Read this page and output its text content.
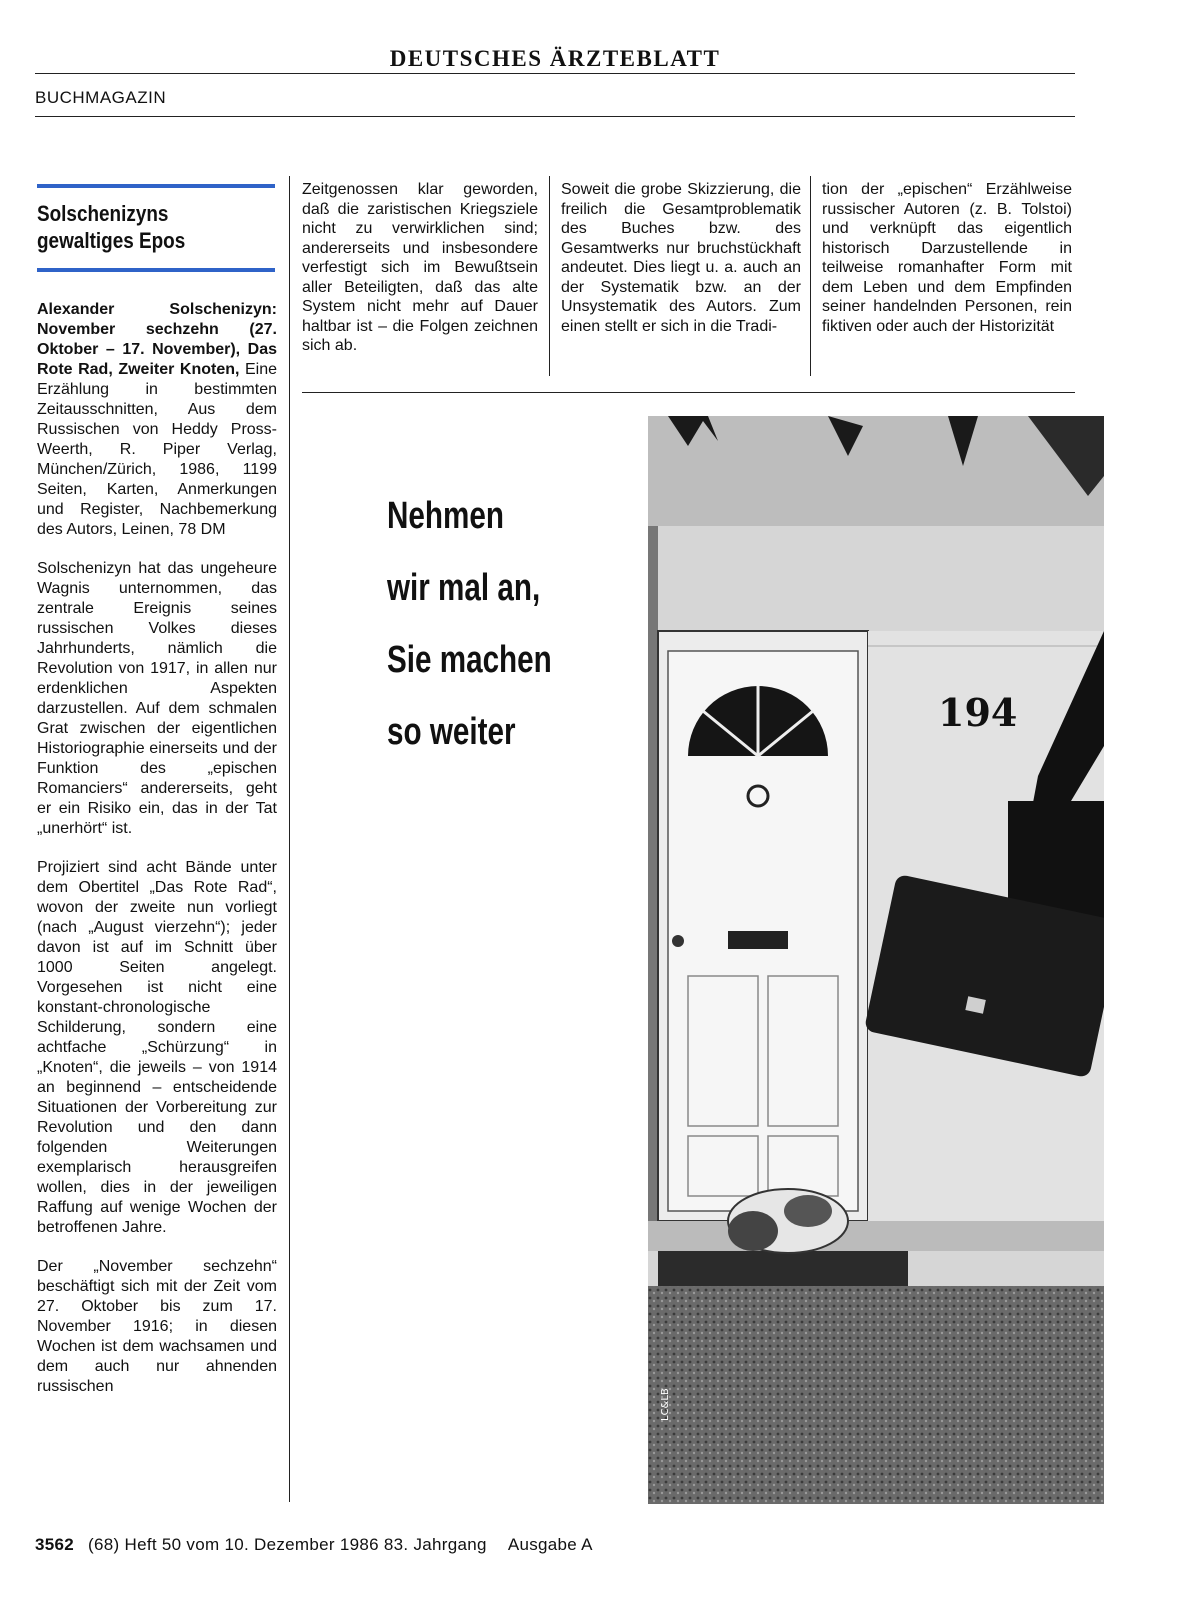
DEUTSCHES ÄRZTEBLATT
BUCHMAGAZIN
Solschenizyns
gewaltiges Epos

Alexander Solschenizyn: November sechzehn (27. Oktober – 17. November), Das Rote Rad, Zweiter Knoten, Eine Erzählung in bestimmten Zeitausschnitten, Aus dem Russischen von Heddy Pross-Weerth, R. Piper Verlag, München/Zürich, 1986, 1199 Seiten, Karten, Anmerkungen und Register, Nachbemerkung des Autors, Leinen, 78 DM

Solschenizyn hat das ungeheure Wagnis unternommen, das zentrale Ereignis seines russischen Volkes dieses Jahrhunderts, nämlich die Revolution von 1917, in allen nur erdenklichen Aspekten darzustellen. Auf dem schmalen Grat zwischen der eigentlichen Historiographie einerseits und der Funktion des „epischen Romanciers“ andererseits, geht er ein Risiko ein, das in der Tat „unerhört“ ist.

Projiziert sind acht Bände unter dem Obertitel „Das Rote Rad“, wovon der zweite nun vorliegt (nach „August vierzehn“); jeder davon ist auf im Schnitt über 1000 Seiten angelegt. Vorgesehen ist nicht eine konstant-chronologische Schilderung, sondern eine achtfache „Schürzung“ in „Knoten“, die jeweils – von 1914 an beginnend – entscheidende Situationen der Vorbereitung zur Revolution und den dann folgenden Weiterungen exemplarisch herausgreifen wollen, dies in der jeweiligen Raffung auf wenige Wochen der betroffenen Jahre.

Der „November sechzehn“ beschäftigt sich mit der Zeit vom 27. Oktober bis zum 17. November 1916; in diesen Wochen ist dem wachsamen und dem auch nur ahnenden russischen

Zeitgenossen klar geworden, daß die zaristischen Kriegsziele nicht zu verwirklichen sind; andererseits und insbesondere verfestigt sich im Bewußtsein aller Beteiligten, daß das alte System nicht mehr auf Dauer haltbar ist – die Folgen zeichnen sich ab.
Soweit die grobe Skizzierung, die freilich die Gesamtproblematik des Buches bzw. des Gesamtwerks nur bruchstückhaft andeutet. Dies liegt u. a. auch an der Systematik bzw. an der Unsystematik des Autors. Zum einen stellt er sich in die Tradi-
tion der „epischen“ Erzählweise russischer Autoren (z. B. Tolstoi) und verknüpft das eigentlich historisch Darzustellende in teilweise romanhafter Form mit dem Leben und dem Empfinden seiner handelnden Personen, rein fiktiven oder auch der Historizität
Nehmen
wir mal an,
Sie machen
so weiter	194
LC&LB
3562 (68) Heft 50 vom 10. Dezember 1986 83. Jahrgang Ausgabe A
